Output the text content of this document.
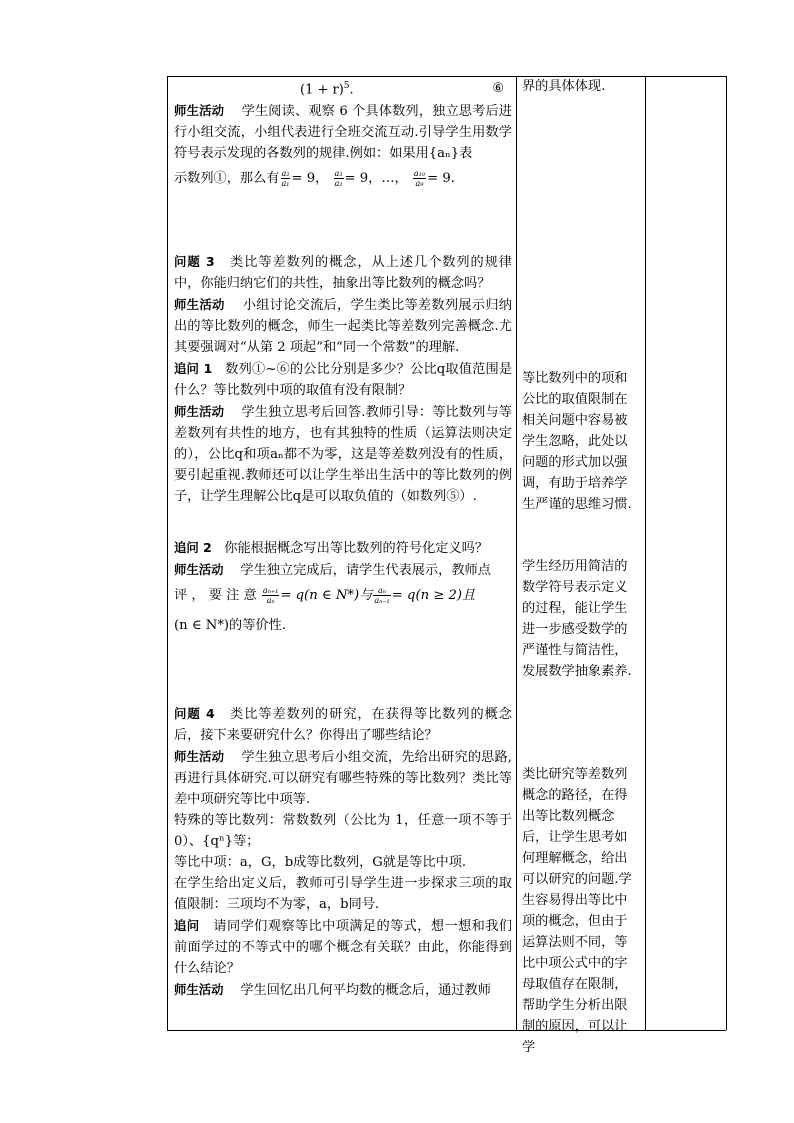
$(1 + r)^5$.	⑥

师生活动 学生阅读、观察 6 个具体数列，独立思考后进行小组交流，小组代表进行全班交流互动.引导学生用数学符号表示发现的各数列的规律.例如：如果用{aₙ}表

示数列①，那么有 $\frac{\text{a₂}}{\text{a₁}} = 9$， $\frac{\text{a₃}}{\text{a₂}} = 9$，…， $\frac{\text{a₁₀}}{\text{a₉}} = 9$.

问题 3 类比等差数列的概念，从上述几个数列的规律中，你能归纳它们的共性，抽象出等比数列的概念吗？

师生活动 小组讨论交流后，学生类比等差数列展示归纳出的等比数列的概念，师生一起类比等差数列完善概念.尤其要强调对“从第 2 项起”和“同一个常数”的理解.

追问 1 数列①~⑥的公比分别是多少？公比q取值范围是什么？等比数列中项的取值有没有限制？

师生活动 学生独立思考后回答.教师引导：等比数列与等差数列有共性的地方，也有其独特的性质（运算法则决定的），公比q和项aₙ都不为零，这是等差数列没有的性质，要引起重视.教师还可以让学生举出生活中的等比数列的例子，让学生理解公比q是可以取负值的（如数列⑤）.

追问 2 你能根据概念写出等比数列的符号化定义吗？

师生活动 学生独立完成后，请学生代表展示，教师点

评 ， 要 注 意 $\frac{\text{aₙ₊₁}}{\text{aₙ}} = q(n$ ∈ N*)与 $\frac{\text{aₙ}}{\text{aₙ₋₁}} = q(n \ge 2)$且

(n ∈ N*)的等价性.

问题 4 类比等差数列的研究，在获得等比数列的概念后，接下来要研究什么？你得出了哪些结论？

师生活动 学生独立思考后小组交流，先给出研究的思路,再进行具体研究.可以研究有哪些特殊的等比数列？类比等差中项研究等比中项等.

特殊的等比数列：常数数列（公比为 1，任意一项不等于 0）、{qⁿ}等；

等比中项：a，G，b成等比数列，G就是等比中项.

在学生给出定义后，教师可引导学生进一步探求三项的取值限制：三项均不为零，a，b同号.

追问 请同学们观察等比中项满足的等式，想一想和我们前面学过的不等式中的哪个概念有关联？由此，你能得到什么结论？

师生活动 学生回忆出几何平均数的概念后，通过教师

界的具体体现.

等比数列中的项和公比的取值限制在相关问题中容易被学生忽略，此处以问题的形式加以强调，有助于培养学生严谨的思维习惯.

学生经历用简洁的数学符号表示定义的过程，能让学生进一步感受数学的严谨性与简洁性，发展数学抽象素养.

类比研究等差数列概念的路径，在得出等比数列概念后，让学生思考如何理解概念，给出可以研究的问题.学生容易得出等比中项的概念，但由于运算法则不同，等比中项公式中的字母取值存在限制，帮助学生分析出限制的原因，可以让学
